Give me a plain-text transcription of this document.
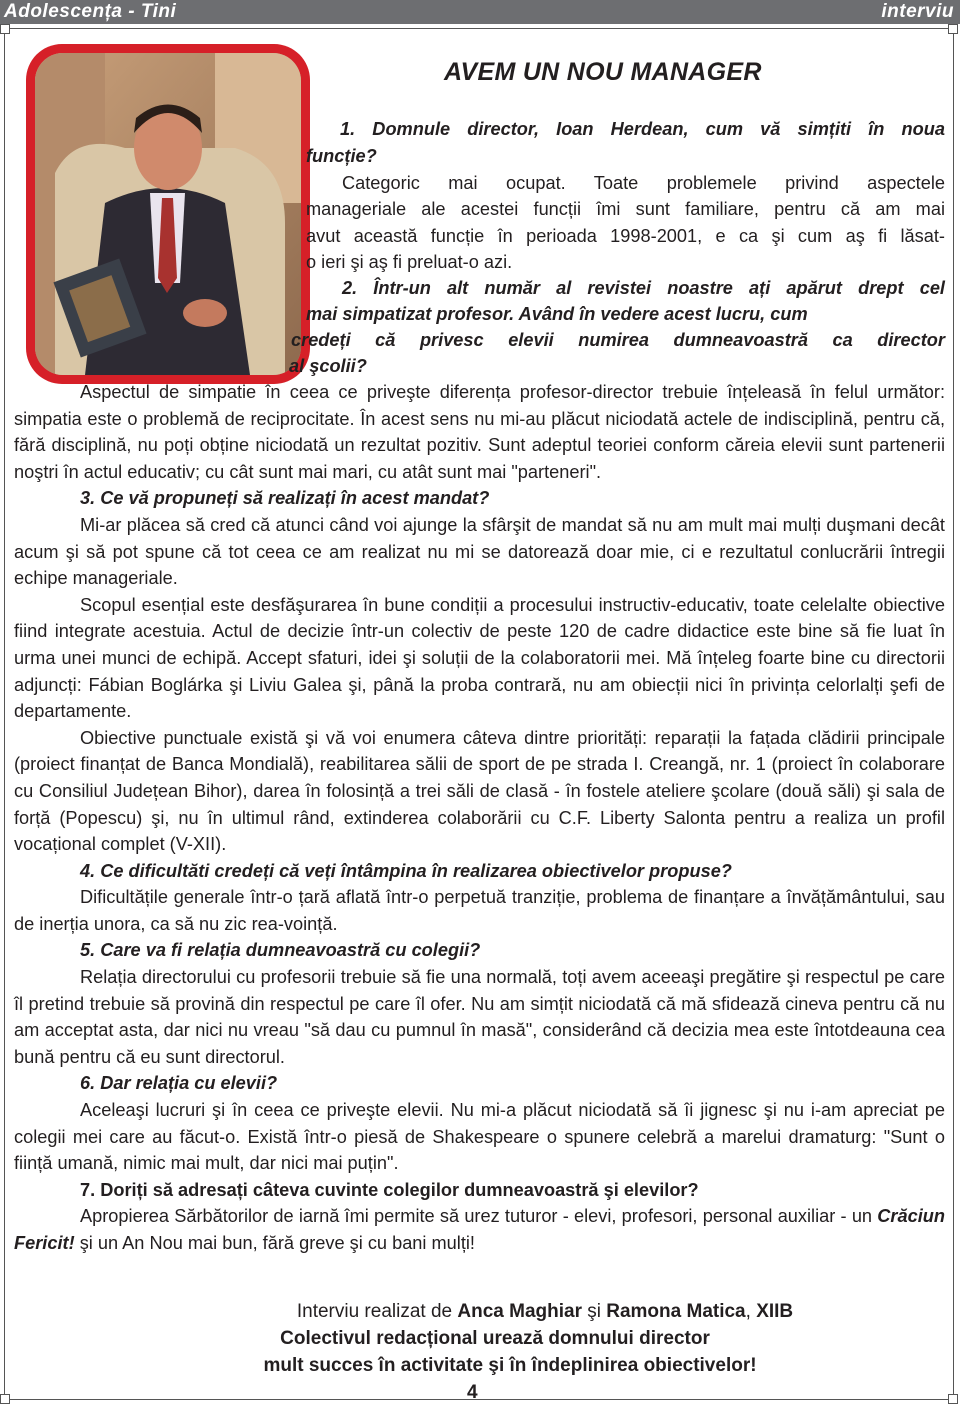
Adolescența - Tini	interviu
AVEM UN NOU MANAGER

1. Domnule director, Ioan Herdean, cum vă simțiti în noua

funcție?

Categoric mai ocupat. Toate problemele privind aspectele

manageriale ale acestei funcții îmi sunt familiare, pentru că am mai

avut această funcție în perioada 1998-2001, e ca şi cum aş fi lăsat-

o ieri şi aş fi preluat-o azi.

2. Într-un alt număr al revistei noastre ați apărut drept cel

mai simpatizat profesor. Având în vedere acest lucru, cum

credeți că privesc elevii numirea dumneavoastră ca director

al şcolii?

Aspectul de simpatie în ceea ce priveşte diferența profesor-director trebuie înțeleasă în felul următor: simpatia este o problemă de reciprocitate. În acest sens nu mi-au plăcut niciodată actele de indisciplină, pentru că, fără disciplină, nu poți obține niciodată un rezultat pozitiv. Sunt adeptul teoriei conform căreia elevii sunt partenerii noştri în actul educativ; cu cât sunt mai mari, cu atât sunt mai "parteneri".

3. Ce vă propuneți să realizați în acest mandat?

Mi-ar plăcea să cred că atunci când voi ajunge la sfârşit de mandat să nu am mult mai mulți duşmani decât acum şi să pot spune că tot ceea ce am realizat nu mi se datorează doar mie, ci e rezultatul conlucrării întregii echipe manageriale.

Scopul esențial este desfăşurarea în bune condiții a procesului instructiv-educativ, toate celelalte obiective fiind integrate acestuia. Actul de decizie într-un colectiv de peste 120 de cadre didactice este bine să fie luat în urma unei munci de echipă. Accept sfaturi, idei şi soluții de la colaboratorii mei. Mă înțeleg foarte bine cu directorii adjuncți: Fábian Boglárka şi Liviu Galea şi, până la proba contrară, nu am obiecții nici în privința celorlalți şefi de departamente.

Obiective punctuale există şi vă voi enumera câteva dintre priorități: reparații la fațada clădirii principale (proiect finanțat de Banca Mondială), reabilitarea sălii de sport de pe strada I. Creangă, nr. 1 (proiect în colaborare cu Consiliul Județean Bihor), darea în folosință a trei săli de clasă - în fostele ateliere şcolare (două săli) şi sala de forță (Popescu) şi, nu în ultimul rând, extinderea colaborării cu C.F. Liberty Salonta pentru a realiza un profil vocațional complet (V-XII).

4. Ce dificultăti credeți că veți întâmpina în realizarea obiectivelor propuse?

Dificultățile generale într-o țară aflată într-o perpetuă tranziție, problema de finanțare a învățământului, sau de inerția unora, ca să nu zic rea-voință.

5. Care va fi relația dumneavoastră cu colegii?

Relația directorului cu profesorii trebuie să fie una normală, toți avem aceeaşi pregătire şi respectul pe care îl pretind trebuie să provină din respectul pe care îl ofer. Nu am simțit niciodată că mă sfidează cineva pentru că nu am acceptat asta, dar nici nu vreau "să dau cu pumnul în masă", considerând că decizia mea este întotdeauna cea bună pentru că eu sunt directorul.

6. Dar relația cu elevii?

Aceleaşi lucruri şi în ceea ce priveşte elevii. Nu mi-a plăcut niciodată să îi jignesc şi nu i-am apreciat pe colegii mei care au făcut-o. Există într-o piesă de Shakespeare o spunere celebră a marelui dramaturg: "Sunt o ființă umană, nimic mai mult, dar nici mai puțin".

7. Doriți să adresați câteva cuvinte colegilor dumneavoastră şi elevilor?

Apropierea Sărbătorilor de iarnă îmi permite să urez tuturor - elevi, profesori, personal auxiliar - un Crăciun Fericit! şi un An Nou mai bun, fără greve şi cu bani mulți!

Interviu realizat de Anca Maghiar şi Ramona Matica, XIIB
Colectivul redacțional urează domnului director
mult succes în activitate şi în îndeplinirea obiectivelor!
4
